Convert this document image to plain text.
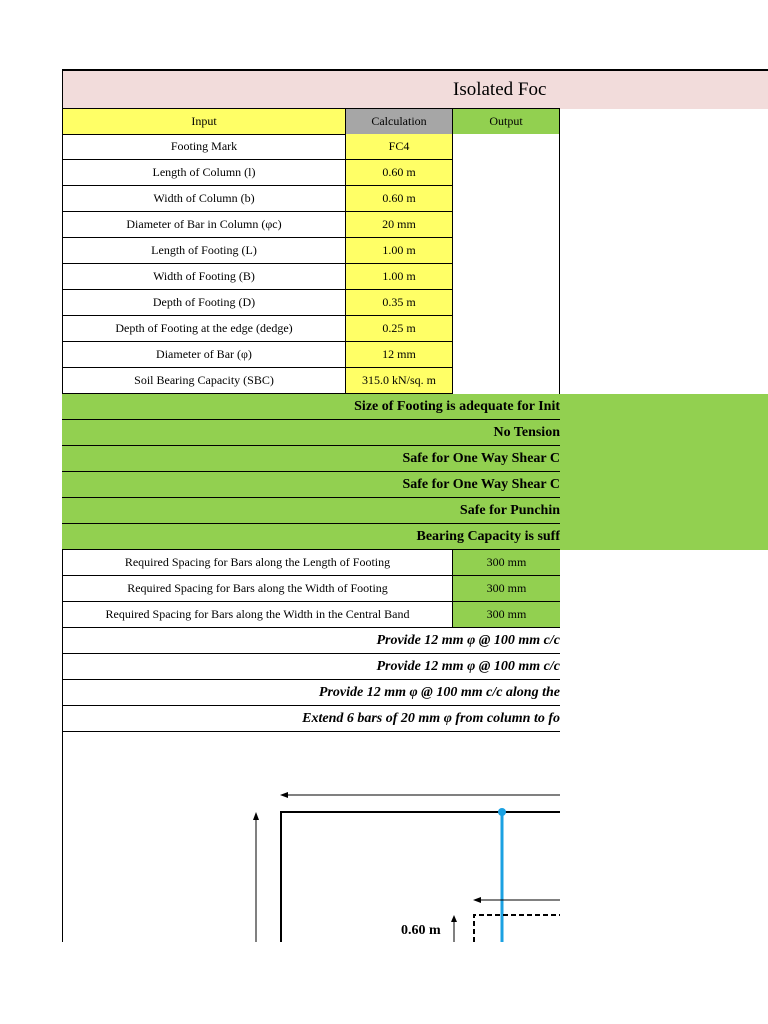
Isolated Foc
Input	Calculation	Output
Footing Mark	FC4
Length of Column (l)	0.60 m
Width of Column (b)	0.60 m
Diameter of Bar in Column (φc)	20 mm
Length of Footing (L)	1.00 m
Width of Footing (B)	1.00 m
Depth of Footing (D)	0.35 m
Depth of Footing at the edge (dedge)	0.25 m
Diameter of Bar (φ)	12 mm
Soil Bearing Capacity (SBC)	315.0 kN/sq. m
Size of Footing is adequate for Init
No Tension
Safe for One Way Shear C
Safe for One Way Shear C
Safe for Punchin
Bearing Capacity is suff
Required Spacing for Bars along the Length of Footing	300 mm
Required Spacing for Bars along the Width of Footing	300 mm
Required Spacing for Bars along the Width in the Central Band	300 mm
Provide 12 mm φ @ 100 mm c/c
Provide 12 mm φ @ 100 mm c/c
Provide 12 mm φ @ 100 mm c/c along the
Extend 6 bars of 20 mm φ from column to fo
0.60 m
